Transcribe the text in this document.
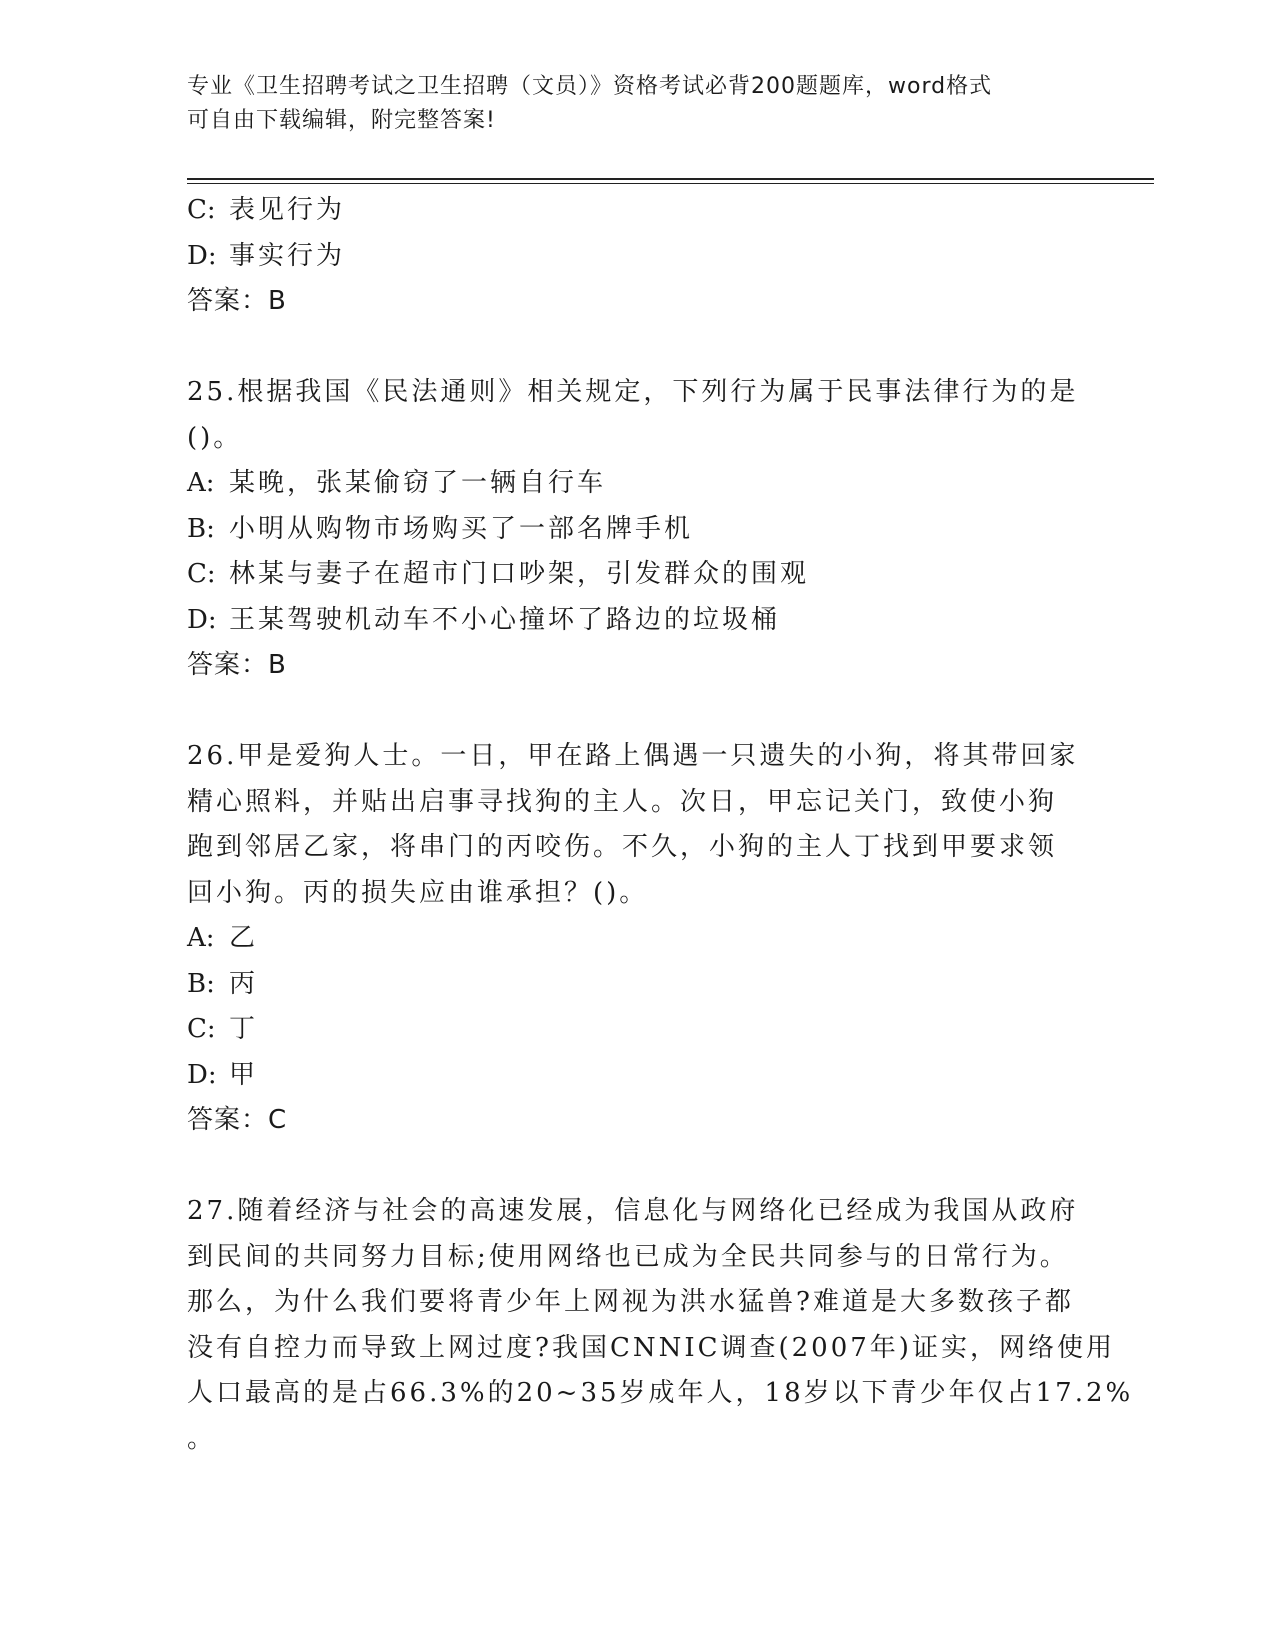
专业《卫生招聘考试之卫生招聘（文员）》资格考试必背200题题库，word格式
可自由下载编辑，附完整答案!
C: 表见行为
D: 事实行为
答案：B
25.根据我国《民法通则》相关规定，下列行为属于民事法律行为的是
()。
A: 某晚，张某偷窃了一辆自行车
B: 小明从购物市场购买了一部名牌手机
C: 林某与妻子在超市门口吵架，引发群众的围观
D: 王某驾驶机动车不小心撞坏了路边的垃圾桶
答案：B
26.甲是爱狗人士。一日，甲在路上偶遇一只遗失的小狗，将其带回家
精心照料，并贴出启事寻找狗的主人。次日，甲忘记关门，致使小狗
跑到邻居乙家，将串门的丙咬伤。不久，小狗的主人丁找到甲要求领
回小狗。丙的损失应由谁承担？()。
A: 乙
B: 丙
C: 丁
D: 甲
答案：C
27.随着经济与社会的高速发展，信息化与网络化已经成为我国从政府
到民间的共同努力目标;使用网络也已成为全民共同参与的日常行为。
那么，为什么我们要将青少年上网视为洪水猛兽?难道是大多数孩子都
没有自控力而导致上网过度?我国CNNIC调查(2007年)证实，网络使用
人口最高的是占66.3%的20~35岁成年人，18岁以下青少年仅占17.2%
。
